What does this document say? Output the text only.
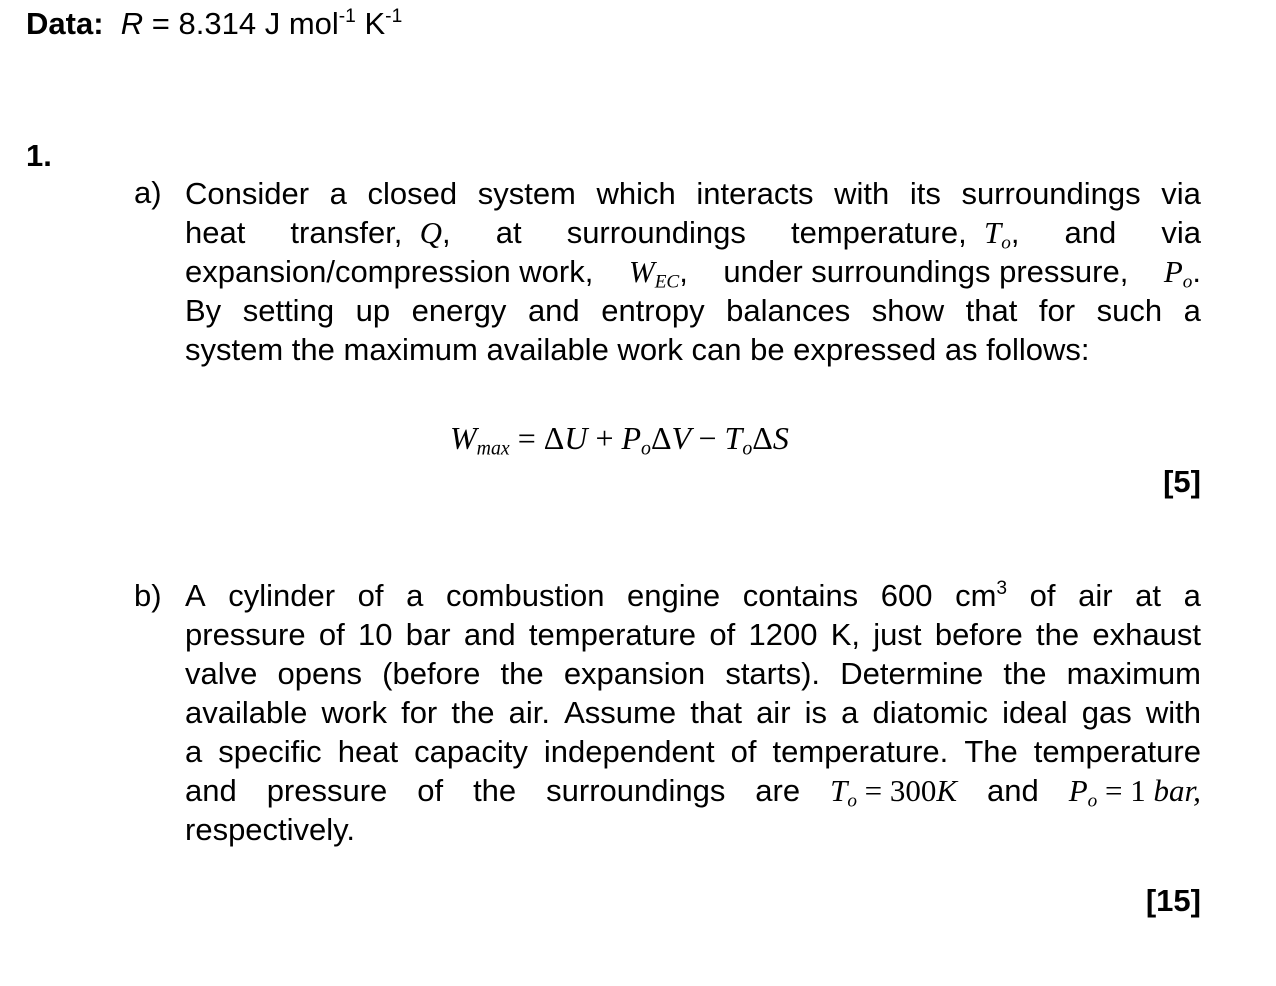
Data: R = 8.314 J mol$^{-1}$ $K^{-1}$
1.
a) Consider a closed system which interacts with its surroundings via
heat transfer, Q, at surroundings temperature, $T_o$, and via
expansion/compression work, $W_{EC}$, under surroundings pressure, $P_o$.
By setting up energy and entropy balances show that for such a
system the maximum available work can be expressed as follows:
$W_{max} = \Delta U + P_o\Delta V - T_o\Delta S$
[5]
b) A cylinder of a combustion engine contains 600 $cm^3$ of air at a
pressure of 10 bar and temperature of 1200 K, just before the exhaust
valve opens (before the expansion starts). Determine the maximum
available work for the air. Assume that air is a diatomic ideal gas with
a specific heat capacity independent of temperature. The temperature
and pressure of the surroundings are $T_o = 300K$ and $P_o = 1$ bar,
respectively.
[15]
